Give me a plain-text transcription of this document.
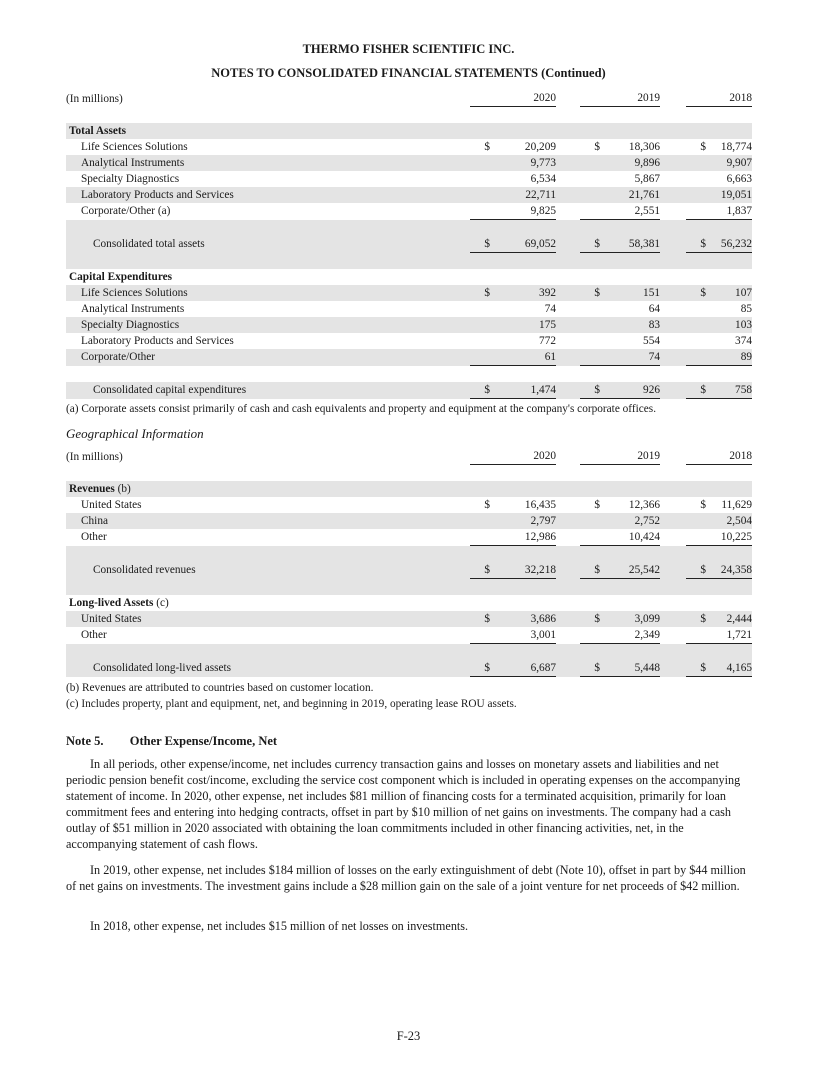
THERMO FISHER SCIENTIFIC INC.
NOTES TO CONSOLIDATED FINANCIAL STATEMENTS (Continued)
(In millions)	2020			2019			2018	

Total Assets								
Life Sciences Solutions	$	20,209		$	18,306		$	18,774
Analytical Instruments		9,773			9,896			9,907
Specialty Diagnostics		6,534			5,867			6,663
Laboratory Products and Services		22,711			21,761			19,051
Corporate/Other (a)		9,825			2,551			1,837

Consolidated total assets	$	69,052		$	58,381		$	56,232

Capital Expenditures								
Life Sciences Solutions	$	392		$	151		$	107
Analytical Instruments		74			64			85
Specialty Diagnostics		175			83			103
Laboratory Products and Services		772			554			374
Corporate/Other		61			74			89

Consolidated capital expenditures	$	1,474		$	926		$	758
(a) Corporate assets consist primarily of cash and cash equivalents and property and equipment at the company's corporate offices.
Geographical Information
(In millions)	2020			2019			2018	

Revenues (b)								
United States	$	16,435		$	12,366		$	11,629
China		2,797			2,752			2,504
Other		12,986			10,424			10,225

Consolidated revenues	$	32,218		$	25,542		$	24,358

Long-lived Assets (c)								
United States	$	3,686		$	3,099		$	2,444
Other		3,001			2,349			1,721

Consolidated long-lived assets	$	6,687		$	5,448		$	4,165
(b) Revenues are attributed to countries based on customer location.
(c) Includes property, plant and equipment, net, and beginning in 2019, operating lease ROU assets.
Note 5. Other Expense/Income, Net
In all periods, other expense/income, net includes currency transaction gains and losses on monetary assets and liabilities and net periodic pension benefit cost/income, excluding the service cost component which is included in operating expenses on the accompanying statement of income. In 2020, other expense, net includes $81 million of financing costs for a terminated acquisition, primarily for loan commitment fees and entering into hedging contracts, offset in part by $10 million of net gains on investments. The company had a cash outlay of $51 million in 2020 associated with obtaining the loan commitments included in other financing activities, net, in the accompanying statement of cash flows.
In 2019, other expense, net includes $184 million of losses on the early extinguishment of debt (Note 10), offset in part by $44 million of net gains on investments. The investment gains include a $28 million gain on the sale of a joint venture for net proceeds of $42 million.
In 2018, other expense, net includes $15 million of net losses on investments.
F-23
